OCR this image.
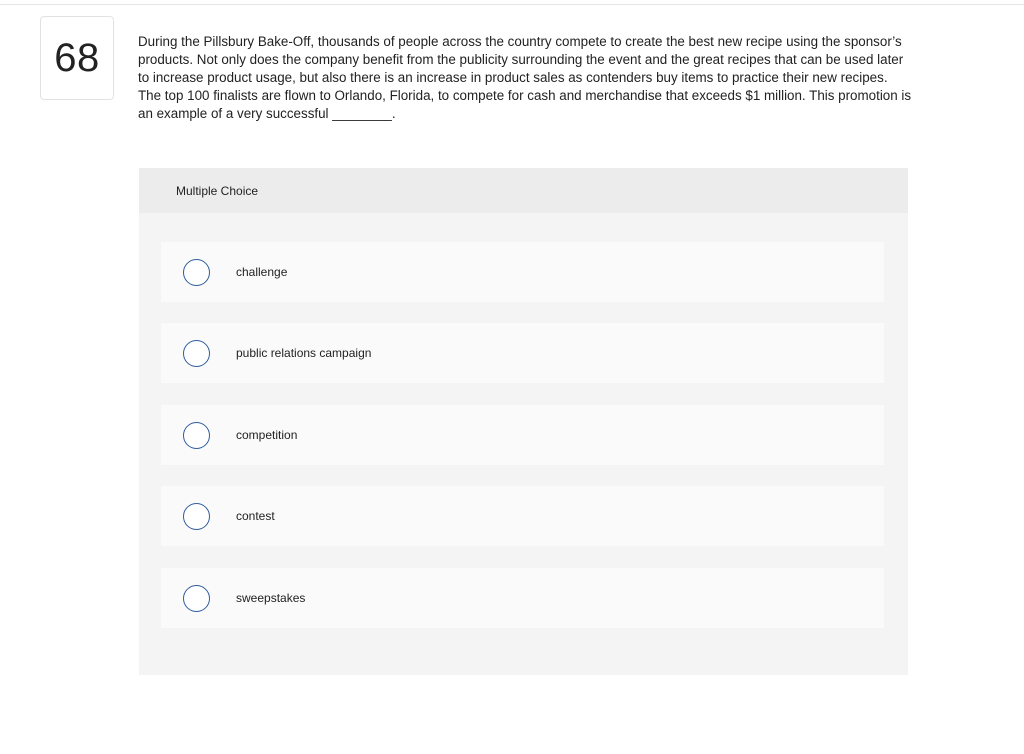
68	During the Pillsbury Bake-Off, thousands of people across the country compete to create the best new recipe using the sponsor’s products. Not only does the company benefit from the publicity surrounding the event and the great recipes that can be used later to increase product usage, but also there is an increase in product sales as contenders buy items to practice their new recipes. The top 100 finalists are flown to Orlando, Florida, to compete for cash and merchandise that exceeds $1 million. This promotion is an example of a very successful ________.

Multiple Choice
challenge
public relations campaign
competition
contest
sweepstakes
